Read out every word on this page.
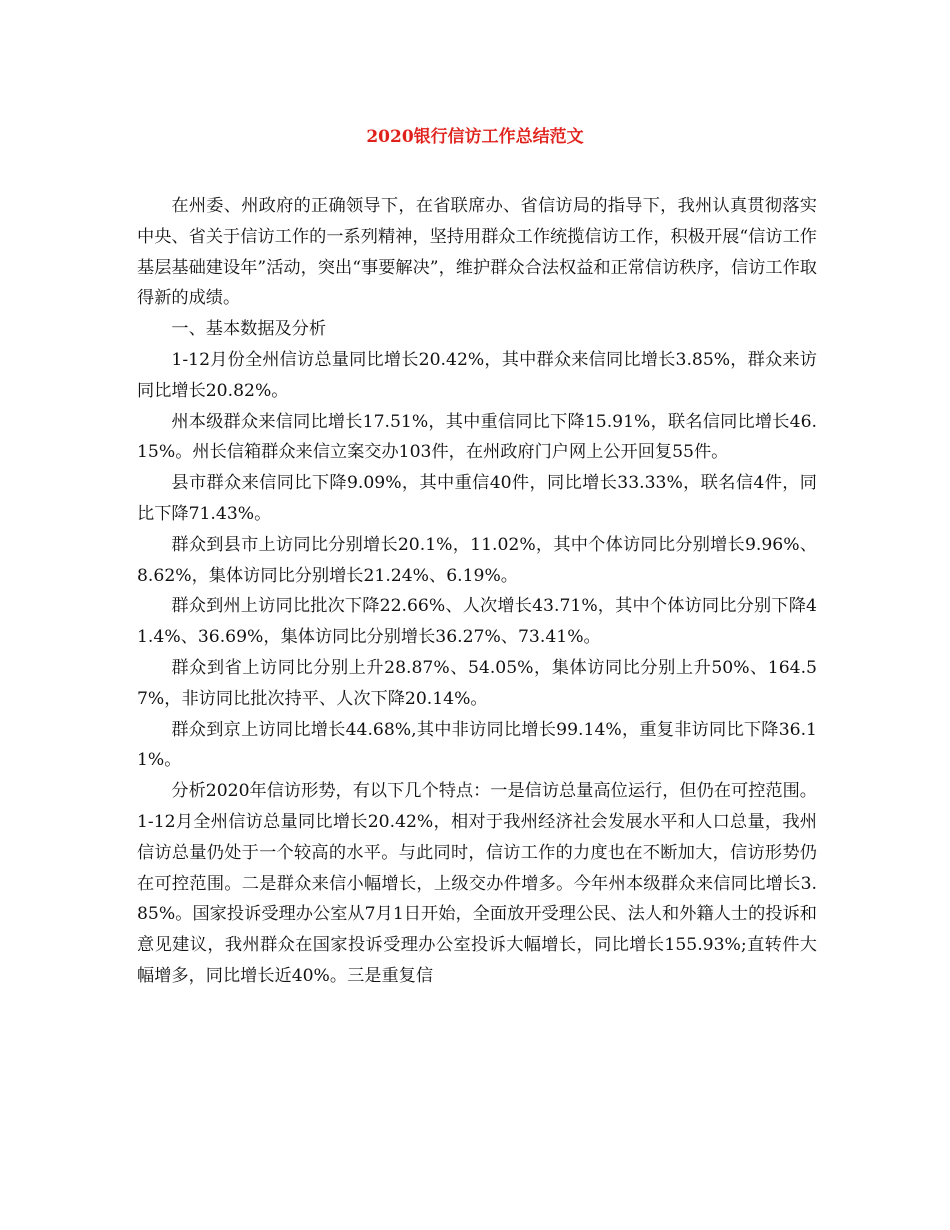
2020银行信访工作总结范文

在州委、州政府的正确领导下，在省联席办、省信访局的指导下，我州认真贯彻落实中央、省关于信访工作的一系列精神，坚持用群众工作统揽信访工作，积极开展“信访工作基层基础建设年”活动，突出“事要解决”，维护群众合法权益和正常信访秩序，信访工作取得新的成绩。

一、基本数据及分析

1-12月份全州信访总量同比增长20.42%，其中群众来信同比增长3.85%，群众来访同比增长20.82%。

州本级群众来信同比增长17.51%，其中重信同比下降15.91%，联名信同比增长46.15%。州长信箱群众来信立案交办103件，在州政府门户网上公开回复55件。

县市群众来信同比下降9.09%，其中重信40件，同比增长33.33%，联名信4件，同比下降71.43%。

群众到县市上访同比分别增长20.1%，11.02%，其中个体访同比分别增长9.96%、8.62%，集体访同比分别增长21.24%、6.19%。

群众到州上访同比批次下降22.66%、人次增长43.71%，其中个体访同比分别下降41.4%、36.69%，集体访同比分别增长36.27%、73.41%。

群众到省上访同比分别上升28.87%、54.05%，集体访同比分别上升50%、164.57%，非访同比批次持平、人次下降20.14%。

群众到京上访同比增长44.68%,其中非访同比增长99.14%，重复非访同比下降36.11%。

分析2020年信访形势，有以下几个特点：一是信访总量高位运行，但仍在可控范围。1-12月全州信访总量同比增长20.42%，相对于我州经济社会发展水平和人口总量，我州信访总量仍处于一个较高的水平。与此同时，信访工作的力度也在不断加大，信访形势仍在可控范围。二是群众来信小幅增长，上级交办件增多。今年州本级群众来信同比增长3.85%。国家投诉受理办公室从7月1日开始，全面放开受理公民、法人和外籍人士的投诉和意见建议，我州群众在国家投诉受理办公室投诉大幅增长，同比增长155.93%;直转件大幅增多，同比增长近40%。三是重复信
